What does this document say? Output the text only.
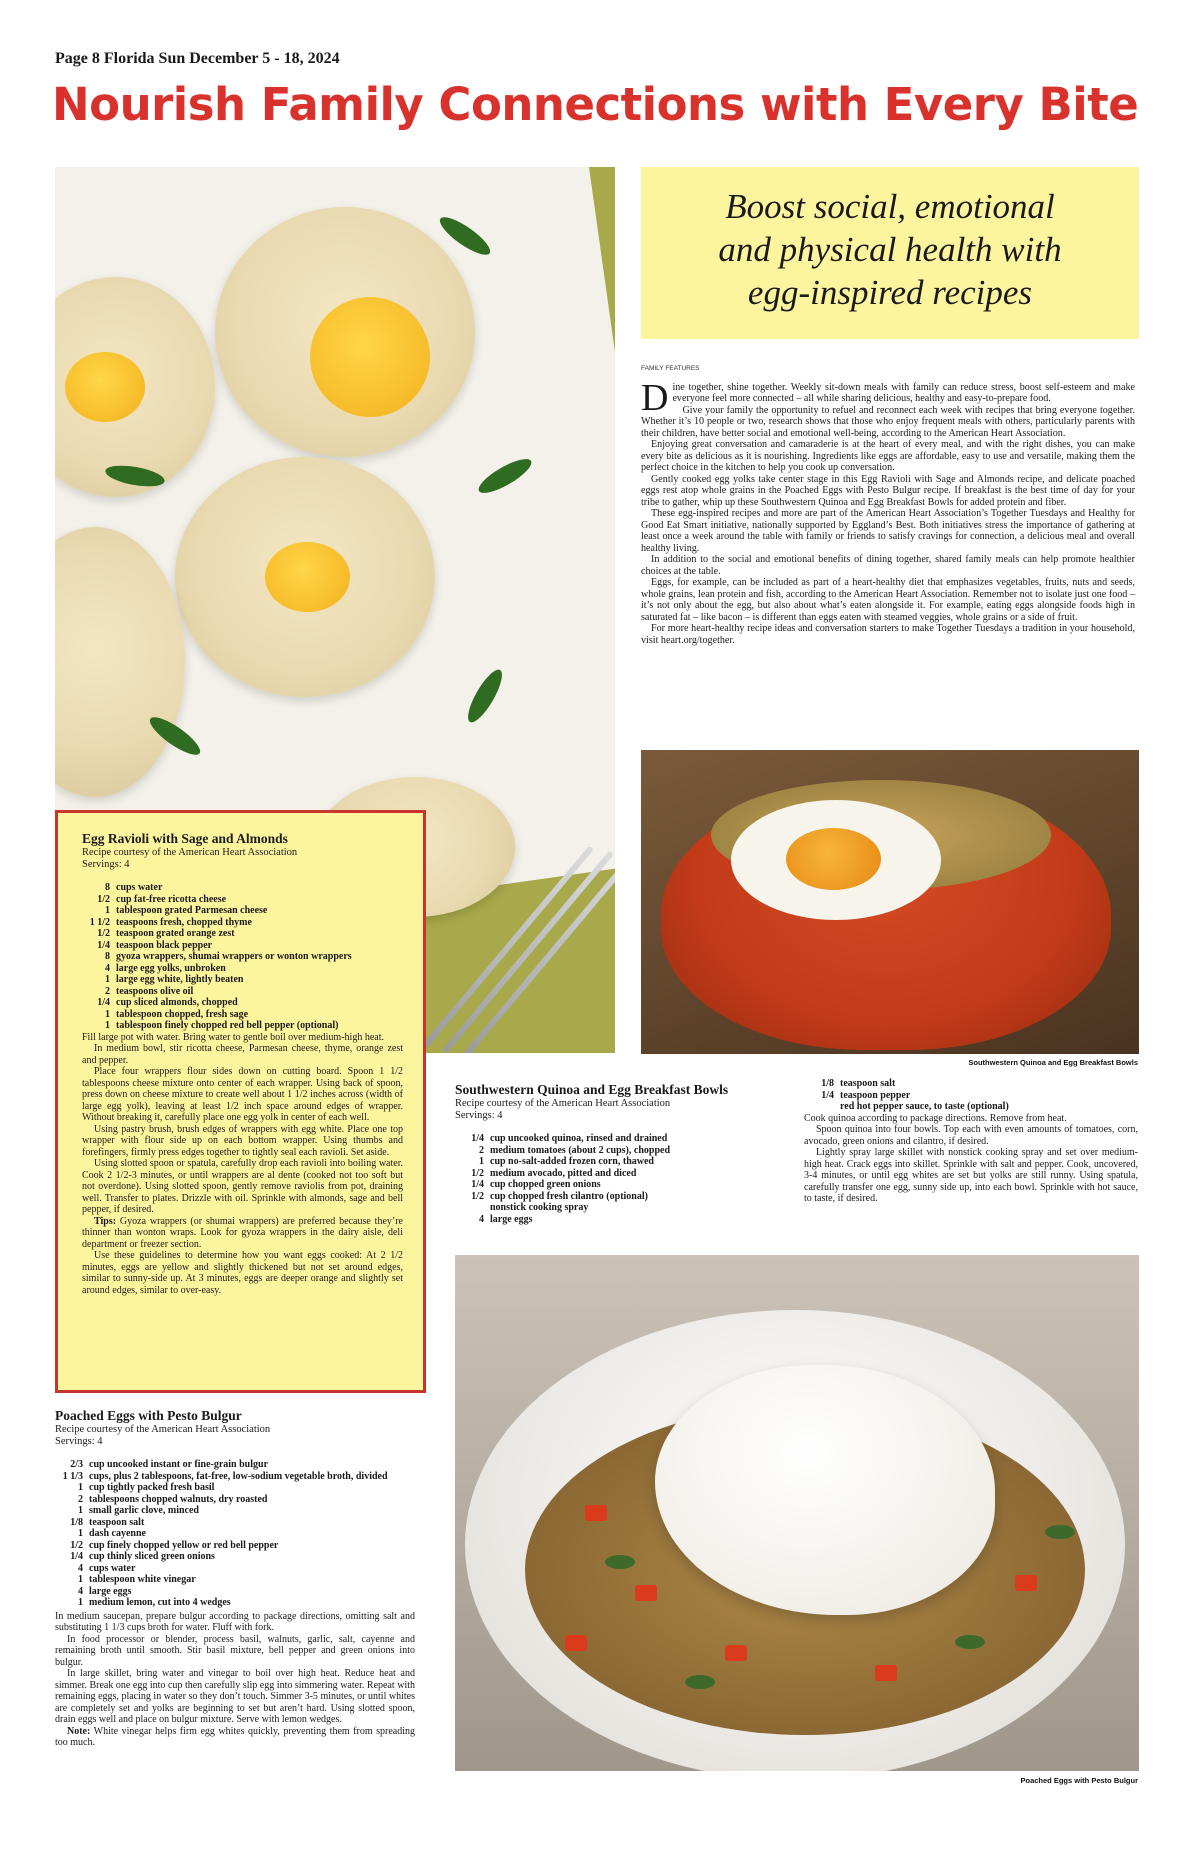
Page 8 Florida Sun December 5 - 18, 2024
Nourish Family Connections with Every Bite
Boost social, emotional
and physical health with
egg-inspired recipes
FAMILY FEATURES

Dine together, shine together. Weekly sit-down meals with family can reduce stress, boost self-esteem and make everyone feel more connected – all while sharing delicious, healthy and easy-to-prepare food.

Give your family the opportunity to refuel and reconnect each week with recipes that bring everyone together. Whether it’s 10 people or two, research shows that those who enjoy frequent meals with others, particularly parents with their children, have better social and emotional well-being, according to the American Heart Association.

Enjoying great conversation and camaraderie is at the heart of every meal, and with the right dishes, you can make every bite as delicious as it is nourishing. Ingredients like eggs are affordable, easy to use and versatile, making them the perfect choice in the kitchen to help you cook up conversation.

Gently cooked egg yolks take center stage in this Egg Ravioli with Sage and Almonds recipe, and delicate poached eggs rest atop whole grains in the Poached Eggs with Pesto Bulgur recipe. If breakfast is the best time of day for your tribe to gather, whip up these Southwestern Quinoa and Egg Breakfast Bowls for added protein and fiber.

These egg-inspired recipes and more are part of the American Heart Association’s Together Tuesdays and Healthy for Good Eat Smart initiative, nationally supported by Eggland’s Best. Both initiatives stress the importance of gathering at least once a week around the table with family or friends to satisfy cravings for connection, a delicious meal and overall healthy living.

In addition to the social and emotional benefits of dining together, shared family meals can help promote healthier choices at the table.

Eggs, for example, can be included as part of a heart-healthy diet that emphasizes vegetables, fruits, nuts and seeds, whole grains, lean protein and fish, according to the American Heart Association. Remember not to isolate just one food – it’s not only about the egg, but also about what’s eaten alongside it. For example, eating eggs alongside foods high in saturated fat – like bacon – is different than eggs eaten with steamed veggies, whole grains or a side of fruit.

For more heart-healthy recipe ideas and conversation starters to make Together Tuesdays a tradition in your household, visit heart.org/together.

Southwestern Quinoa and Egg Breakfast Bowls

Egg Ravioli with Sage and Almonds

Recipe courtesy of the American Heart Association

Servings: 4

8 cups water
1/2 cup fat-free ricotta cheese
1 tablespoon grated Parmesan cheese
1 1/2 teaspoons fresh, chopped thyme
1/2 teaspoon grated orange zest
1/4 teaspoon black pepper
8 gyoza wrappers, shumai wrappers or wonton wrappers
4 large egg yolks, unbroken
1 large egg white, lightly beaten
2 teaspoons olive oil
1/4 cup sliced almonds, chopped
1 tablespoon chopped, fresh sage
1 tablespoon finely chopped red bell pepper (optional)

Fill large pot with water. Bring water to gentle boil over medium-high heat.

In medium bowl, stir ricotta cheese, Parmesan cheese, thyme, orange zest and pepper.

Place four wrappers flour sides down on cutting board. Spoon 1 1/2 tablespoons cheese mixture onto center of each wrapper. Using back of spoon, press down on cheese mixture to create well about 1 1/2 inches across (width of large egg yolk), leaving at least 1/2 inch space around edges of wrapper. Without breaking it, carefully place one egg yolk in center of each well.

Using pastry brush, brush edges of wrappers with egg white. Place one top wrapper with flour side up on each bottom wrapper. Using thumbs and forefingers, firmly press edges together to tightly seal each ravioli. Set aside.

Using slotted spoon or spatula, carefully drop each ravioli into boiling water. Cook 2 1/2-3 minutes, or until wrappers are al dente (cooked not too soft but not overdone). Using slotted spoon, gently remove raviolis from pot, draining well. Transfer to plates. Drizzle with oil. Sprinkle with almonds, sage and bell pepper, if desired.

Tips: Gyoza wrappers (or shumai wrappers) are preferred because they’re thinner than wonton wraps. Look for gyoza wrappers in the dairy aisle, deli department or freezer section.

Use these guidelines to determine how you want eggs cooked: At 2 1/2 minutes, eggs are yellow and slightly thickened but not set around edges, similar to sunny-side up. At 3 minutes, eggs are deeper orange and slightly set around edges, similar to over-easy.

Southwestern Quinoa and Egg Breakfast Bowls

Recipe courtesy of the American Heart Association

Servings: 4

1/4 cup uncooked quinoa, rinsed and drained
2 medium tomatoes (about 2 cups), chopped
1 cup no-salt-added frozen corn, thawed
1/2 medium avocado, pitted and diced
1/4 cup chopped green onions
1/2 cup chopped fresh cilantro (optional)
nonstick cooking spray
4 large eggs
1/8 teaspoon salt
1/4 teaspoon pepper
red hot pepper sauce, to taste (optional)

Cook quinoa according to package directions. Remove from heat.

Spoon quinoa into four bowls. Top each with even amounts of tomatoes, corn, avocado, green onions and cilantro, if desired.

Lightly spray large skillet with nonstick cooking spray and set over medium-high heat. Crack eggs into skillet. Sprinkle with salt and pepper. Cook, uncovered, 3-4 minutes, or until egg whites are set but yolks are still runny. Using spatula, carefully transfer one egg, sunny side up, into each bowl. Sprinkle with hot sauce, to taste, if desired.

Poached Eggs with Pesto Bulgur

Poached Eggs with Pesto Bulgur

Recipe courtesy of the American Heart Association

Servings: 4

2/3 cup uncooked instant or fine-grain bulgur
1 1/3 cups, plus 2 tablespoons, fat-free, low-sodium vegetable broth, divided
1 cup tightly packed fresh basil
2 tablespoons chopped walnuts, dry roasted
1 small garlic clove, minced
1/8 teaspoon salt
1 dash cayenne
1/2 cup finely chopped yellow or red bell pepper
1/4 cup thinly sliced green onions
4 cups water
1 tablespoon white vinegar
4 large eggs
1 medium lemon, cut into 4 wedges

In medium saucepan, prepare bulgur according to package directions, omitting salt and substituting 1 1/3 cups broth for water. Fluff with fork.

In food processor or blender, process basil, walnuts, garlic, salt, cayenne and remaining broth until smooth. Stir basil mixture, bell pepper and green onions into bulgur.

In large skillet, bring water and vinegar to boil over high heat. Reduce heat and simmer. Break one egg into cup then carefully slip egg into simmering water. Repeat with remaining eggs, placing in water so they don’t touch. Simmer 3-5 minutes, or until whites are completely set and yolks are beginning to set but aren’t hard. Using slotted spoon, drain eggs well and place on bulgur mixture. Serve with lemon wedges.

Note: White vinegar helps firm egg whites quickly, preventing them from spreading too much.
